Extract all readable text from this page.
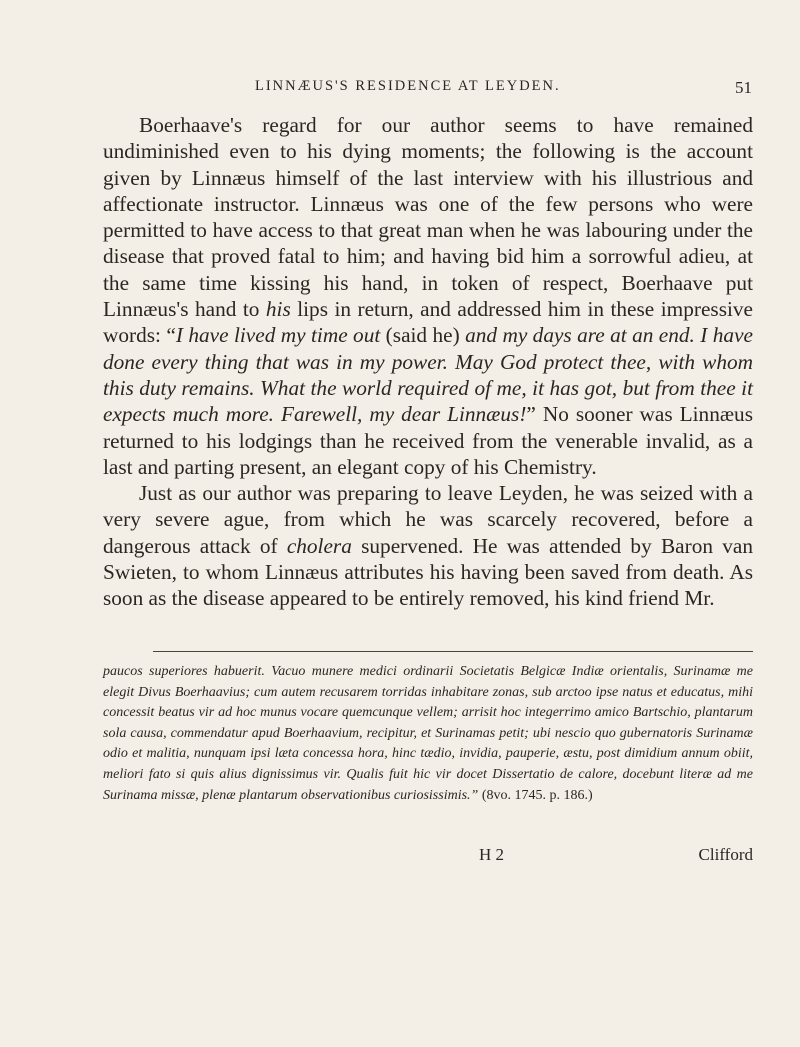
LINNÆUS'S RESIDENCE AT LEYDEN.	51

Boerhaave's regard for our author seems to have remained undiminished even to his dying moments; the following is the account given by Linnæus himself of the last interview with his illustrious and affectionate instructor. Linnæus was one of the few persons who were permitted to have access to that great man when he was labouring under the disease that proved fatal to him; and having bid him a sorrowful adieu, at the same time kissing his hand, in token of respect, Boerhaave put Linnæus's hand to his lips in return, and addressed him in these impressive words: “I have lived my time out (said he) and my days are at an end. I have done every thing that was in my power. May God protect thee, with whom this duty remains. What the world required of me, it has got, but from thee it expects much more. Farewell, my dear Linnæus!” No sooner was Linnæus returned to his lodgings than he received from the venerable invalid, as a last and parting present, an elegant copy of his Chemistry.

Just as our author was preparing to leave Leyden, he was seized with a very severe ague, from which he was scarcely recovered, before a dangerous attack of cholera supervened. He was attended by Baron van Swieten, to whom Linnæus attributes his having been saved from death. As soon as the disease appeared to be entirely removed, his kind friend Mr.

paucos superiores habuerit. Vacuo munere medici ordinarii Societatis Belgicæ Indiæ orientalis, Surinamæ me elegit Divus Boerhaavius; cum autem recusarem torridas inhabitare zonas, sub arctoo ipse natus et educatus, mihi concessit beatus vir ad hoc munus vocare quemcunque vellem; arrisit hoc integerrimo amico Bartschio, plantarum sola causa, commendatur apud Boerhaavium, recipitur, et Surinamas petit; ubi nescio quo gubernatoris Surinamæ odio et malitia, nunquam ipsi læta concessa hora, hinc tædio, invidia, pauperie, æstu, post dimidium annum obiit, meliori fato si quis alius dignissimus vir. Qualis fuit hic vir docet Dissertatio de calore, docebunt literæ ad me Surinama missæ, plenæ plantarum observationibus curiosissimis.” (8vo. 1745. p. 186.)
H 2	Clifford
